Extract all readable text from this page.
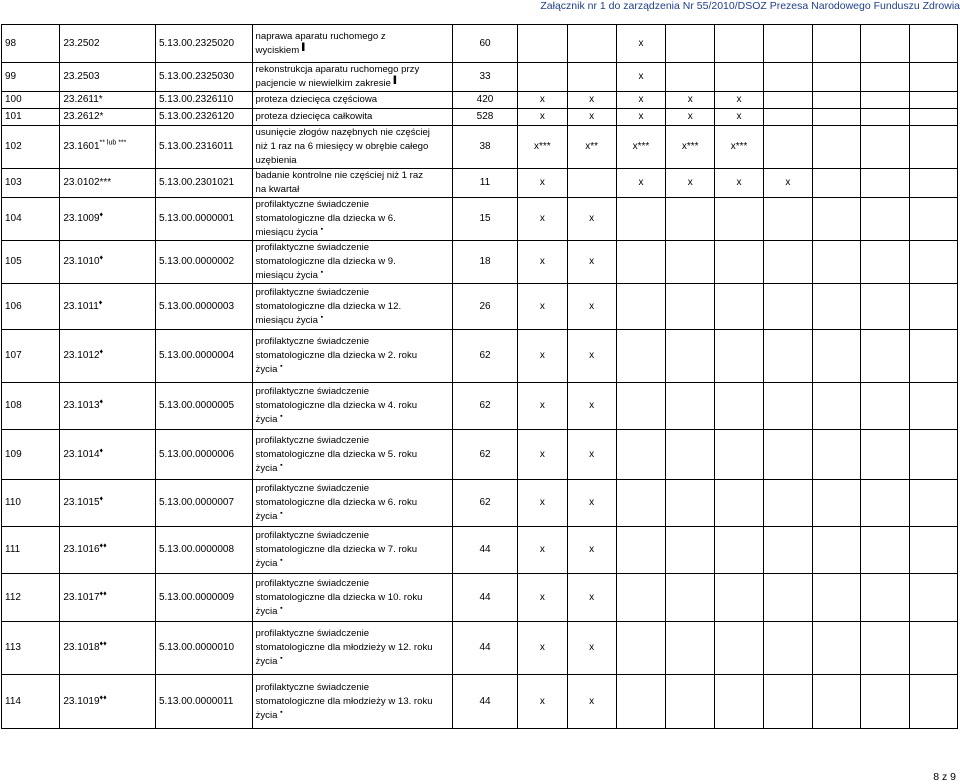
Załącznik nr 1 do zarządzenia Nr 55/2010/DSOZ Prezesa Narodowego Funduszu Zdrowia
98	23.2502	5.13.00.2325020	naprawa aparatu ruchomego z
wyciskiem ▌	60			x						
99	23.2503	5.13.00.2325030	rekonstrukcja aparatu ruchomego przy
pacjencie w niewielkim zakresie ▌	33			x						
100	23.2611*	5.13.00.2326110	proteza dziecięca częściowa	420	x	x	x	x	x				
101	23.2612*	5.13.00.2326120	proteza dziecięca całkowita	528	x	x	x	x	x				
102	$23.1601^{** lub ***}$	5.13.00.2316011	usunięcie złogów nazębnych nie częściej
niż 1 raz na 6 miesięcy w obrębie całego
uzębienia	38	x***	x**	x***	x***	x***				
103	23.0102***	5.13.00.2301021	badanie kontrolne nie częściej niż 1 raz
na kwartał	11	x		x	x	x	x			
104	23.1009♦	5.13.00.0000001	profilaktyczne świadczenie
stomatologiczne dla dziecka w 6.
miesiącu życia ▪	15	x	x							
105	23.1010♦	5.13.00.0000002	profilaktyczne świadczenie
stomatologiczne dla dziecka w 9.
miesiącu życia ▪	18	x	x							
106	23.1011♦	5.13.00.0000003	profilaktyczne świadczenie
stomatologiczne dla dziecka w 12.
miesiącu życia ▪	26	x	x							
107	23.1012♦	5.13.00.0000004	profilaktyczne świadczenie
stomatologiczne dla dziecka w 2. roku
życia ▪	62	x	x							
108	23.1013♦	5.13.00.0000005	profilaktyczne świadczenie
stomatologiczne dla dziecka w 4. roku
życia ▪	62	x	x							
109	23.1014♦	5.13.00.0000006	profilaktyczne świadczenie
stomatologiczne dla dziecka w 5. roku
życia ▪	62	x	x							
110	23.1015♦	5.13.00.0000007	profilaktyczne świadczenie
stomatologiczne dla dziecka w 6. roku
życia ▪	62	x	x							
111	23.1016♦♦	5.13.00.0000008	profilaktyczne świadczenie
stomatologiczne dla dziecka w 7. roku
życia ▪	44	x	x							
112	23.1017♦♦	5.13.00.0000009	profilaktyczne świadczenie
stomatologiczne dla dziecka w 10. roku
życia ▪	44	x	x							
113	23.1018♦♦	5.13.00.0000010	profilaktyczne świadczenie
stomatologiczne dla młodzieży w 12. roku
życia ▪	44	x	x							
114	23.1019♦♦	5.13.00.0000011	profilaktyczne świadczenie
stomatologiczne dla młodzieży w 13. roku
życia ▪	44	x	x							
8 z 9
